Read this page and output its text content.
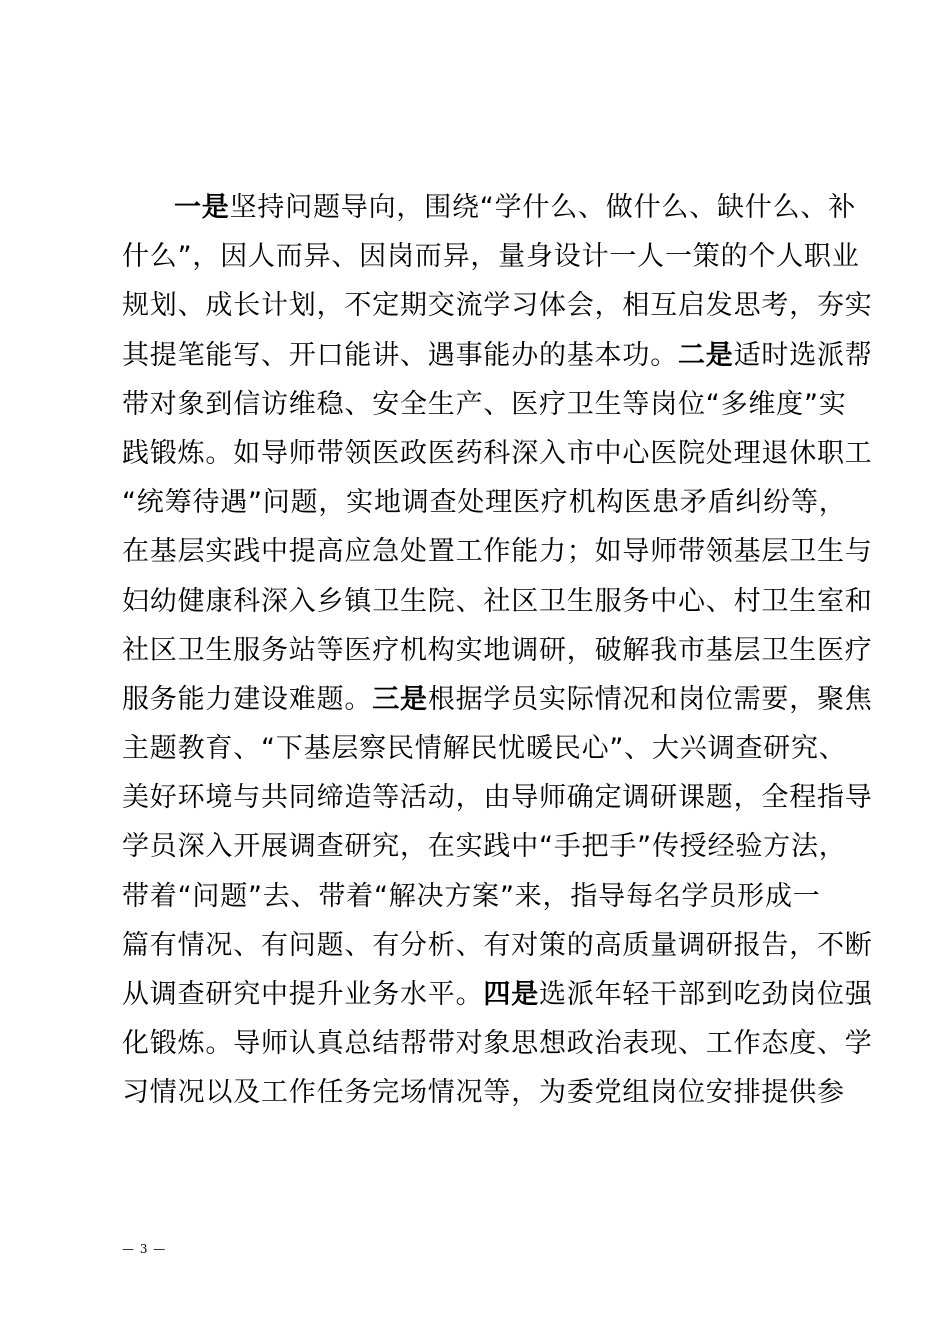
一是坚持问题导向，围绕“学什么、做什么、缺什么、补
什么”，因人而异、因岗而异，量身设计一人一策的个人职业
规划、成长计划，不定期交流学习体会，相互启发思考，夯实
其提笔能写、开口能讲、遇事能办的基本功。二是适时选派帮
带对象到信访维稳、安全生产、医疗卫生等岗位“多维度”实
践锻炼。如导师带领医政医药科深入市中心医院处理退休职工
“统筹待遇”问题，实地调查处理医疗机构医患矛盾纠纷等，
在基层实践中提高应急处置工作能力；如导师带领基层卫生与
妇幼健康科深入乡镇卫生院、社区卫生服务中心、村卫生室和
社区卫生服务站等医疗机构实地调研，破解我市基层卫生医疗
服务能力建设难题。三是根据学员实际情况和岗位需要，聚焦
主题教育、“下基层察民情解民忧暖民心”、大兴调查研究、
美好环境与共同缔造等活动，由导师确定调研课题，全程指导
学员深入开展调查研究，在实践中“手把手”传授经验方法，
带着“问题”去、带着“解决方案”来，指导每名学员形成一
篇有情况、有问题、有分析、有对策的高质量调研报告，不断
从调查研究中提升业务水平。四是选派年轻干部到吃劲岗位强
化锻炼。导师认真总结帮带对象思想政治表现、工作态度、学
习情况以及工作任务完场情况等，为委党组岗位安排提供参
— 3 —
